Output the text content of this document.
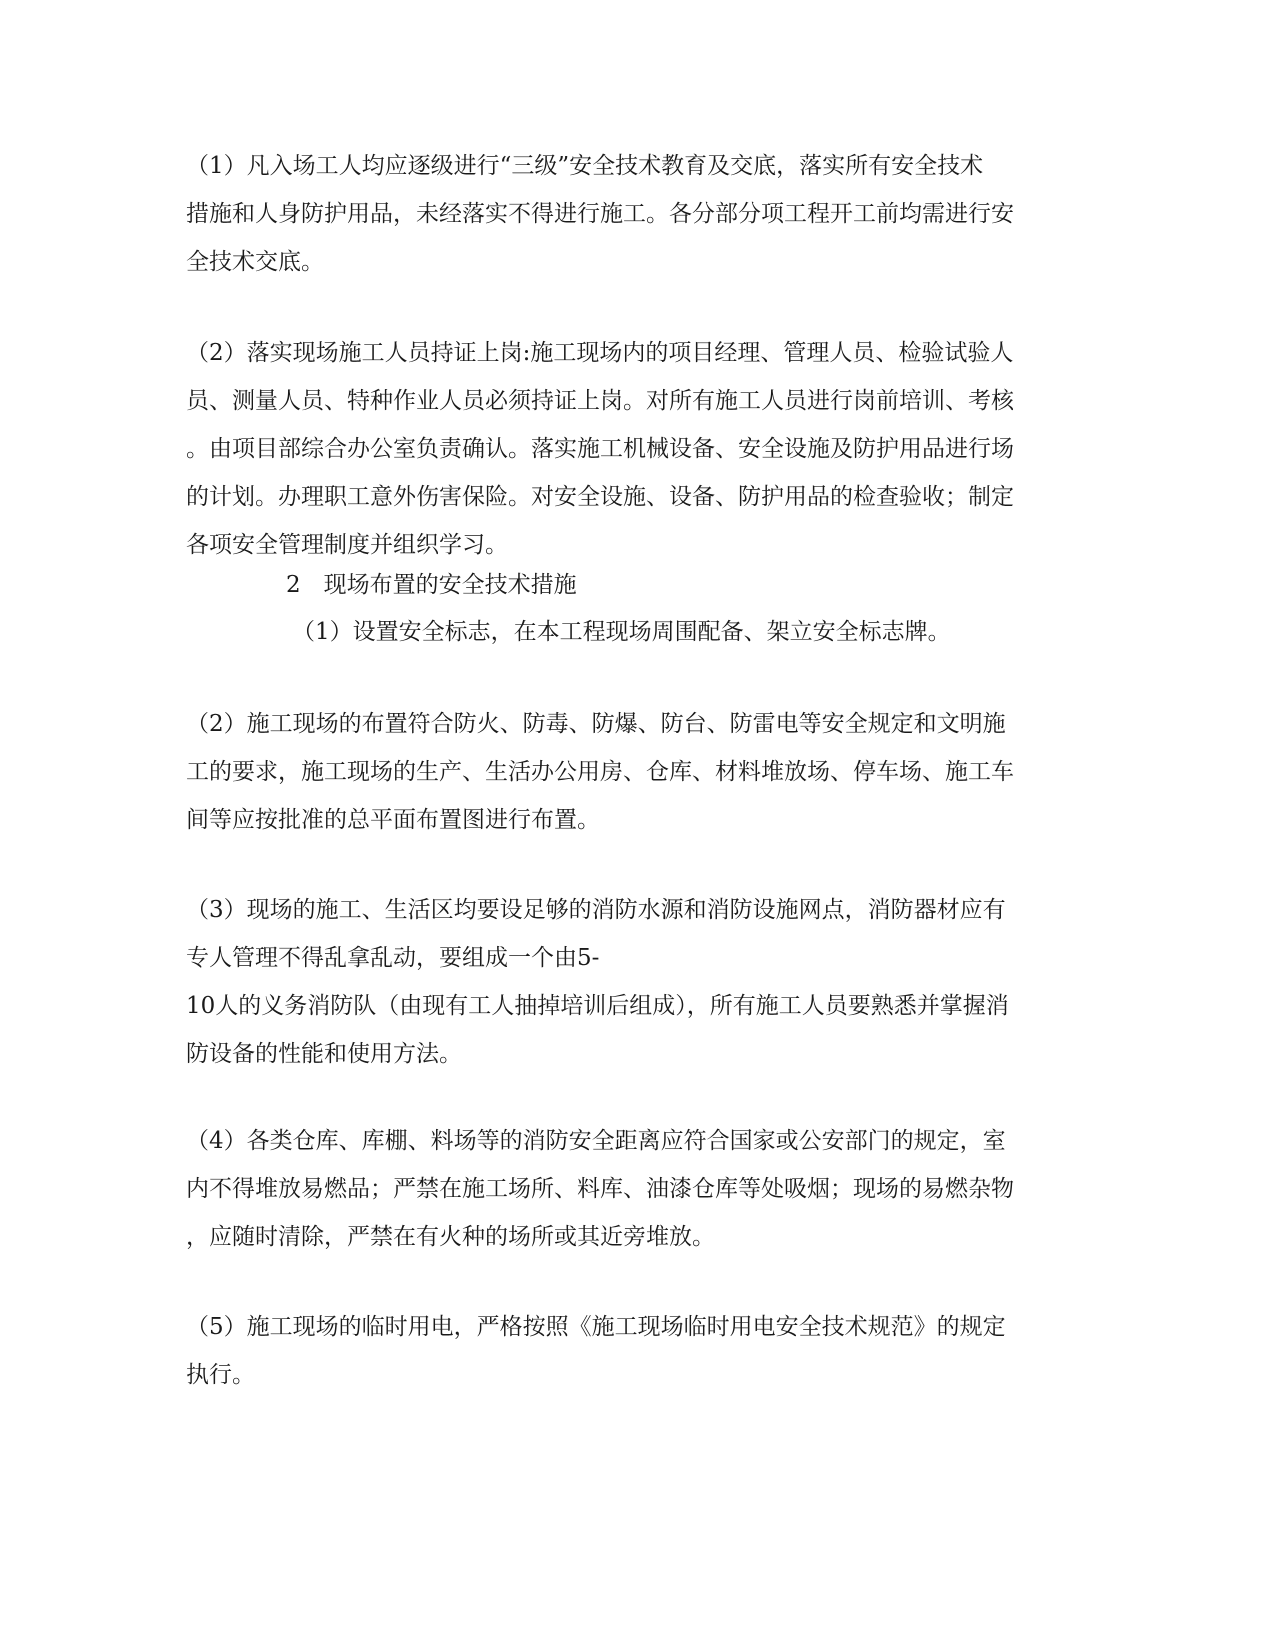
（1）凡入场工人均应逐级进行“三级”安全技术教育及交底，落实所有安全技术
措施和人身防护用品，未经落实不得进行施工。各分部分项工程开工前均需进行安
全技术交底。
（2）落实现场施工人员持证上岗:施工现场内的项目经理、管理人员、检验试验人
员、测量人员、特种作业人员必须持证上岗。对所有施工人员进行岗前培训、考核
。由项目部综合办公室负责确认。落实施工机械设备、安全设施及防护用品进行场
的计划。办理职工意外伤害保险。对安全设施、设备、防护用品的检查验收；制定
各项安全管理制度并组织学习。
2　现场布置的安全技术措施
（1）设置安全标志，在本工程现场周围配备、架立安全标志牌。
（2）施工现场的布置符合防火、防毒、防爆、防台、防雷电等安全规定和文明施
工的要求，施工现场的生产、生活办公用房、仓库、材料堆放场、停车场、施工车
间等应按批准的总平面布置图进行布置。
（3）现场的施工、生活区均要设足够的消防水源和消防设施网点，消防器材应有
专人管理不得乱拿乱动，要组成一个由5-
10人的义务消防队（由现有工人抽掉培训后组成），所有施工人员要熟悉并掌握消
防设备的性能和使用方法。
（4）各类仓库、库棚、料场等的消防安全距离应符合国家或公安部门的规定，室
内不得堆放易燃品；严禁在施工场所、料库、油漆仓库等处吸烟；现场的易燃杂物
，应随时清除，严禁在有火种的场所或其近旁堆放。
（5）施工现场的临时用电，严格按照《施工现场临时用电安全技术规范》的规定
执行。
